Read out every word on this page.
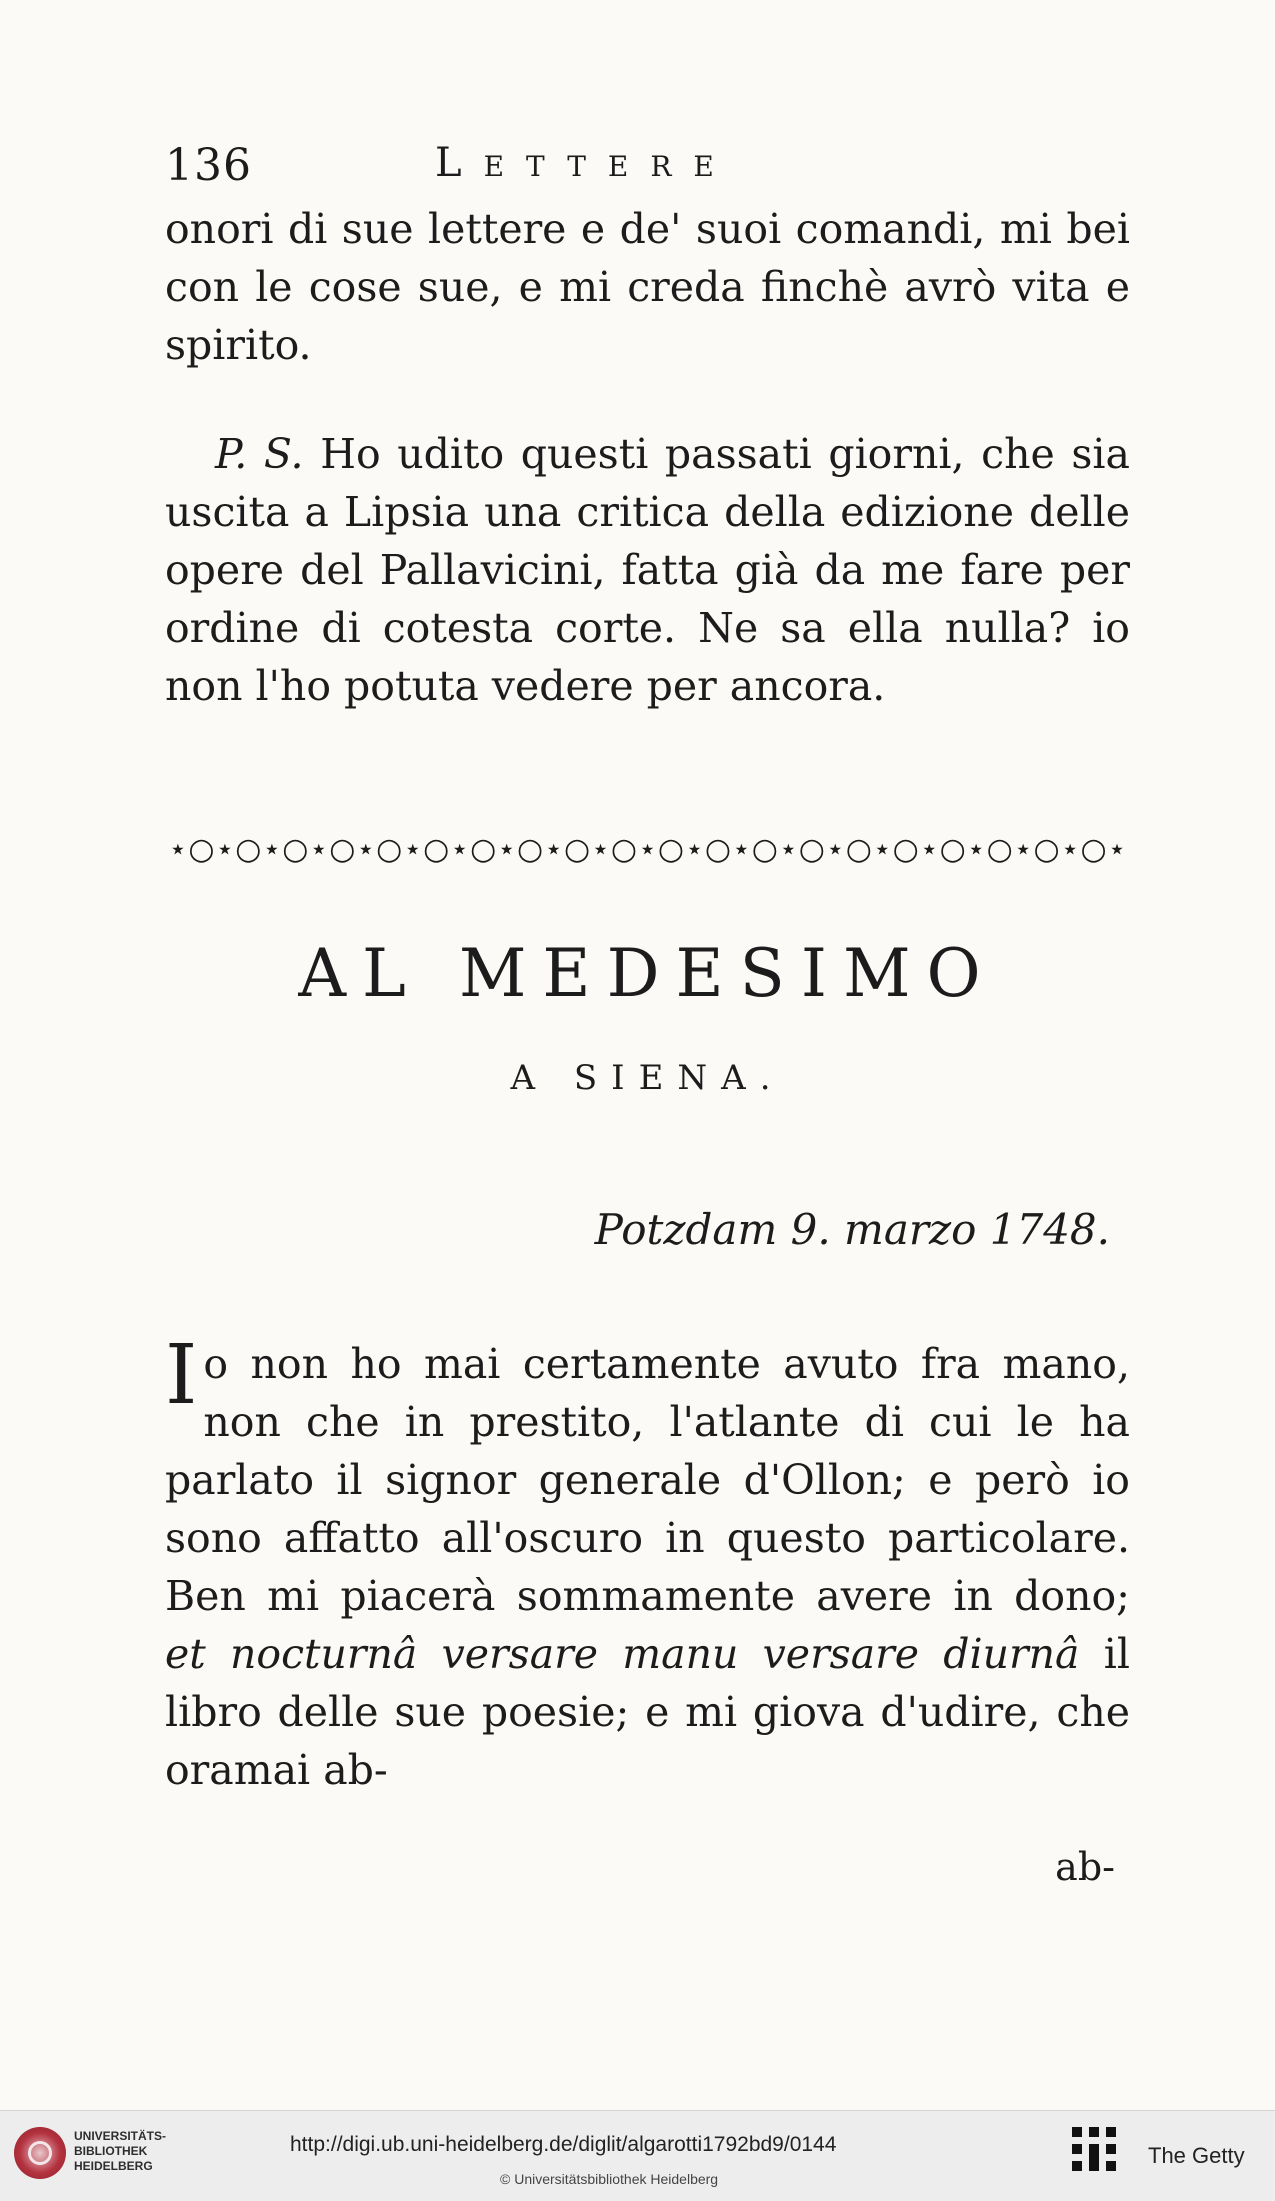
136	Lettere

onori di sue lettere e de' suoi comandi, mi bei con le cose sue, e mi creda finchè avrò vita e spirito.

P. S. Ho udito questi passati giorni, che sia uscita a Lipsia una critica della edizione delle opere del Pallavicini, fatta già da me fare per ordine di cotesta corte. Ne sa ella nulla? io non l'ho potuta vedere per ancora.

⋆○⋆○⋆○⋆○⋆○⋆○⋆○⋆○⋆○⋆○⋆○⋆○⋆○⋆○⋆○⋆○⋆○⋆○⋆○⋆○⋆
AL MEDESIMO
A SIENA.
Potzdam 9. marzo 1748.

I o non ho mai certamente avuto fra mano, non che in prestito, l'atlante di cui le ha parlato il signor generale d'Ollon; e però io sono affatto all'oscuro in questo particolare. Ben mi piacerà sommamente avere in dono; et nocturnâ versare manu versare diurnâ il libro delle sue poesie; e mi giova d'udire, che oramai ab-

ab-
UNIVERSITÄTS-
BIBLIOTHEK
HEIDELBERG
http://digi.ub.uni-heidelberg.de/diglit/algarotti1792bd9/0144
© Universitätsbibliothek Heidelberg
The Getty
